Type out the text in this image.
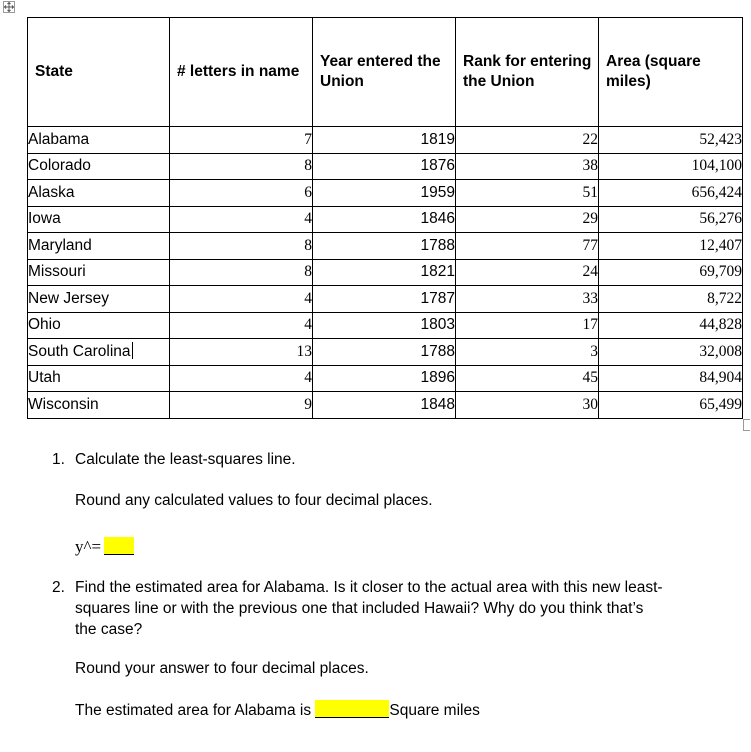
State	# letters in name	Year entered the Union	Rank for entering the Union	Area (square miles)
Alabama	7	1819	22	52,423
Colorado	8	1876	38	104,100
Alaska	6	1959	51	656,424
Iowa	4	1846	29	56,276
Maryland	8	1788	77	12,407
Missouri	8	1821	24	69,709
New Jersey	4	1787	33	8,722
Ohio	4	1803	17	44,828
South Carolina	13	1788	3	32,008
Utah	4	1896	45	84,904
Wisconsin	9	1848	30	65,499
1. Calculate the least-squares line.
Round any calculated values to four decimal places.
y^=
2. Find the estimated area for Alabama. Is it closer to the actual area with this new least-squares line or with the previous one that included Hawaii? Why do you think that’s the case?
Round your answer to four decimal places.
The estimated area for Alabama is	Square miles
